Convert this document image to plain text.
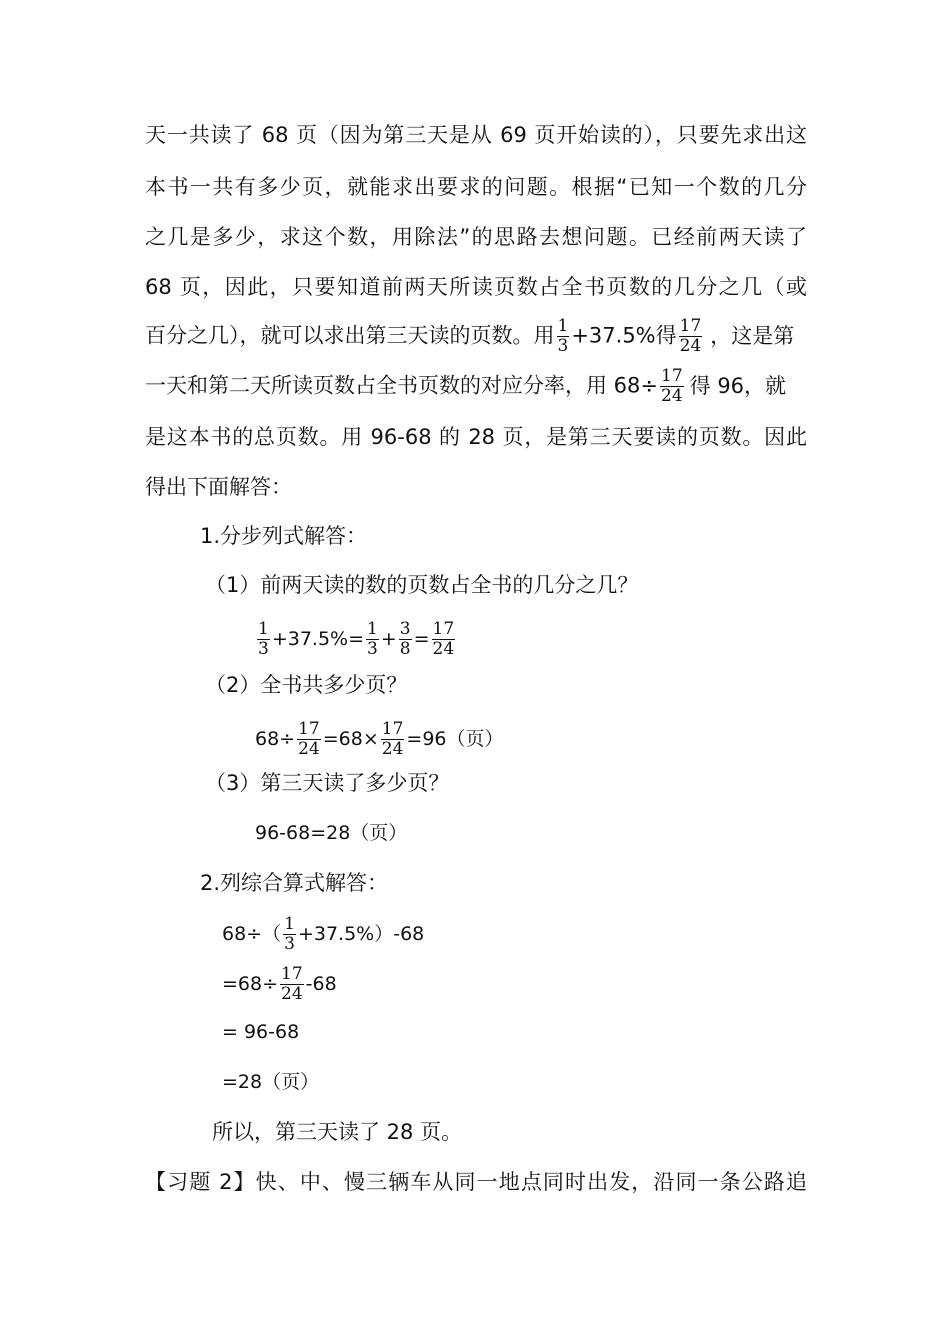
天一共读了 68 页（因为第三天是从 69 页开始读的），只要先求出这
本书一共有多少页，就能求出要求的问题。根据“已知一个数的几分
之几是多少，求这个数，用除法”的思路去想问题。已经前两天读了
68 页，因此，只要知道前两天所读页数占全书页数的几分之几（或
百分之几），就可以求出第三天读的页数。用 $\frac{1}{3} +37.5\%$得 $\frac{17}{24}$ ，这是第
一天和第二天所读页数占全书页数的对应分率，用 $68\div \frac{17}{24}$ 得 96，就
是这本书的总页数。用 96-68 的 28 页，是第三天要读的页数。因此
得出下面解答：
1.分步列式解答：
（1）前两天读的数的页数占全书的几分之几？
$\frac{1}{3} +37.5\%= \frac{1}{3} + \frac{3}{8} = \frac{17}{24}$
（2）全书共多少页？
$68\div \frac{17}{24} =68\times \frac{17}{24} =96$（页）
（3）第三天读了多少页？
96-68=28（页）
2.列综合算式解答：
$68\div( \frac{1}{3} +37.5\%)-68$
$=68\div \frac{17}{24} -68$
= 96-68
=28（页）
所以，第三天读了 28 页。
【习题 2】快、中、慢三辆车从同一地点同时出发，沿同一条公路追
